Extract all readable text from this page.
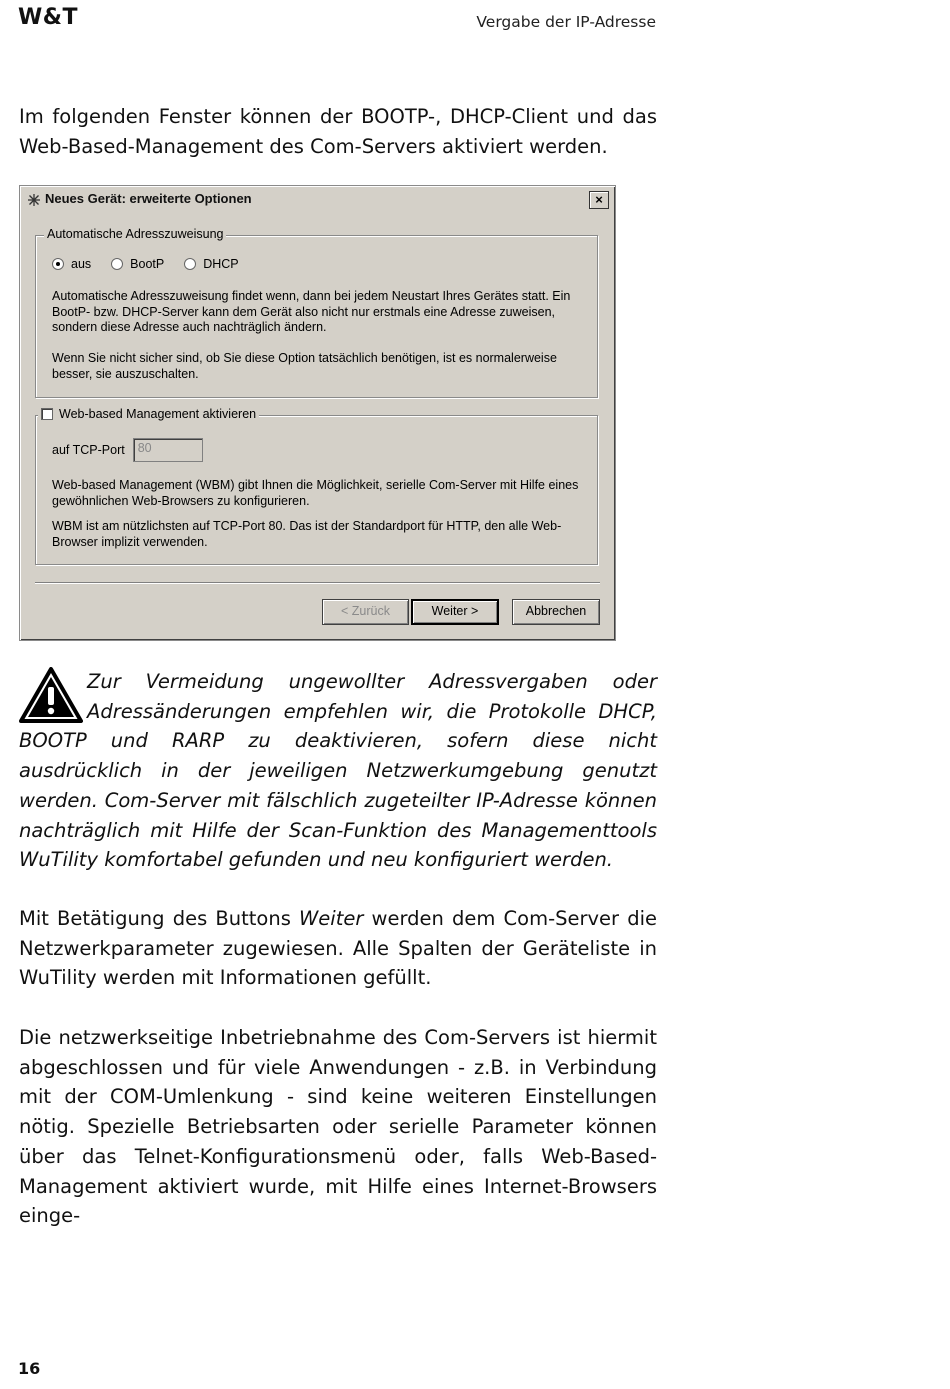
W&T	Vergabe der IP-Adresse

Im folgenden Fenster können der BOOTP-, DHCP-Client und das Web-Based-Management des Com-Servers aktiviert werden.

Neues Gerät: erweiterte Optionen	×
Automatische Adresszuweisung
aus	BootP	DHCP
Automatische Adresszuweisung findet wenn, dann bei jedem Neustart Ihres Gerätes statt. Ein BootP- bzw. DHCP-Server kann dem Gerät also nicht nur erstmals eine Adresse zuweisen, sondern diese Adresse auch nachträglich ändern.
Wenn Sie nicht sicher sind, ob Sie diese Option tatsächlich benötigen, ist es normalerweise besser, sie auszuschalten.
Web-based Management aktivieren
auf TCP-Port	80
Web-based Management (WBM) gibt Ihnen die Möglichkeit, serielle Com-Server mit Hilfe eines gewöhnlichen Web-Browsers zu konfigurieren.
WBM ist am nützlichsten auf TCP-Port 80. Das ist der Standardport für HTTP, den alle Web-Browser implizit verwenden.
< Zurück	Weiter >	Abbrechen
Zur Vermeidung ungewollter Adressvergaben oder Adressänderungen empfehlen wir, die Protokolle DHCP, BOOTP und RARP zu deaktivieren, sofern diese nicht ausdrücklich in der jeweiligen Netzwerkumgebung genutzt werden. Com-Server mit fälschlich zugeteilter IP-Adresse können nachträglich mit Hilfe der Scan-Funktion des Managementtools WuTility komfortabel gefunden und neu konfiguriert werden.

Mit Betätigung des Buttons Weiter werden dem Com-Server die Netzwerkparameter zugewiesen. Alle Spalten der Geräteliste in WuTility werden mit Informationen gefüllt.

Die netzwerkseitige Inbetriebnahme des Com-Servers ist hiermit abgeschlossen und für viele Anwendungen - z.B. in Verbindung mit der COM-Umlenkung - sind keine weiteren Einstellungen nötig. Spezielle Betriebsarten oder serielle Parameter können über das Telnet-Konfigurationsmenü oder, falls Web-Based-Management aktiviert wurde, mit Hilfe eines Internet-Browsers einge-

16
